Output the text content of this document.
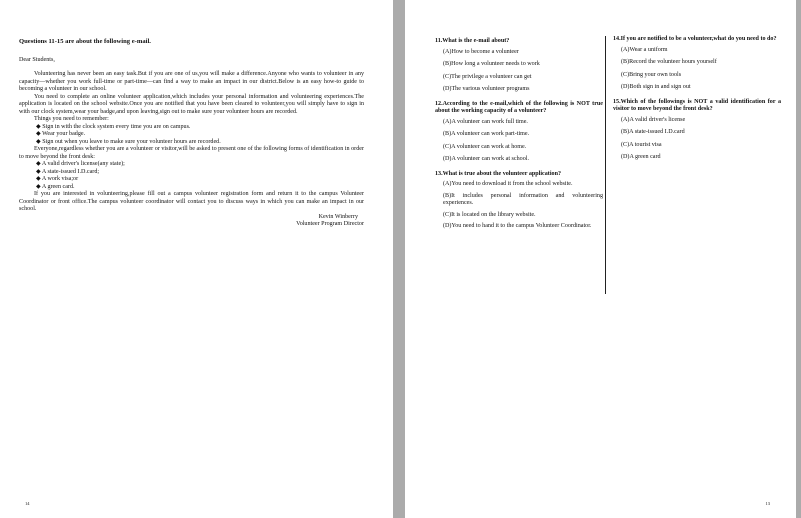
Questions 11-15 are about the following e-mail.

Dear Students,

Volunteering has never been an easy task.But if you are one of us,you will make a difference.Anyone who wants to volunteer in any capacity—whether you work full-time or part-time—can find a way to make an impact in our district.Below is an easy how-to guide to becoming a volunteer in our school.

You need to complete an online volunteer application,which includes your personal information and volunteering experiences.The application is located on the school website.Once you are notified that you have been cleared to volunteer,you will simply have to sign in with our clock system,wear your badge,and upon leaving,sign out to make sure your volunteer hours are recorded.

Things you need to remember:

◆ Sign in with the clock system every time you are on campus.

◆ Wear your badge.

◆ Sign out when you leave to make sure your volunteer hours are recorded.

Everyone,regardless whether you are a volunteer or visitor,will be asked to present one of the following forms of identification in order to move beyond the front desk:

◆ A valid driver's license(any state);

◆ A state-issued I.D.card;

◆ A work visa;or

◆ A green card.

If you are interested in volunteering,please fill out a campus volunteer registration form and return it to the campus Volunteer Coordinator or front office.The campus volunteer coordinator will contact you to discuss ways in which you can make an impact in our school.

Kevin Winberry

Volunteer Program Director

14
11.What is the e-mail about?
(A)How to become a volunteer
(B)How long a volunteer needs to work
(C)The privilege a volunteer can get
(D)The various volunteer programs
12.According to the e-mail,which of the following is NOT true about the working capacity of a volunteer?
(A)A volunteer can work full time.
(B)A volunteer can work part-time.
(C)A volunteer can work at home.
(D)A volunteer can work at school.
13.What is true about the volunteer application?
(A)You need to download it from the school website.
(B)It includes personal information and volunteering experiences.
(C)It is located on the library website.
(D)You need to hand it to the campus Volunteer Coordinator.
14.If you are notified to be a volunteer,what do you need to do?
(A)Wear a uniform
(B)Record the volunteer hours yourself
(C)Bring your own tools
(D)Both sign in and sign out
15.Which of the followings is NOT a valid identification for a visitor to move beyond the front desk?
(A)A valid driver's license
(B)A state-issued I.D.card
(C)A tourist visa
(D)A green card
13
